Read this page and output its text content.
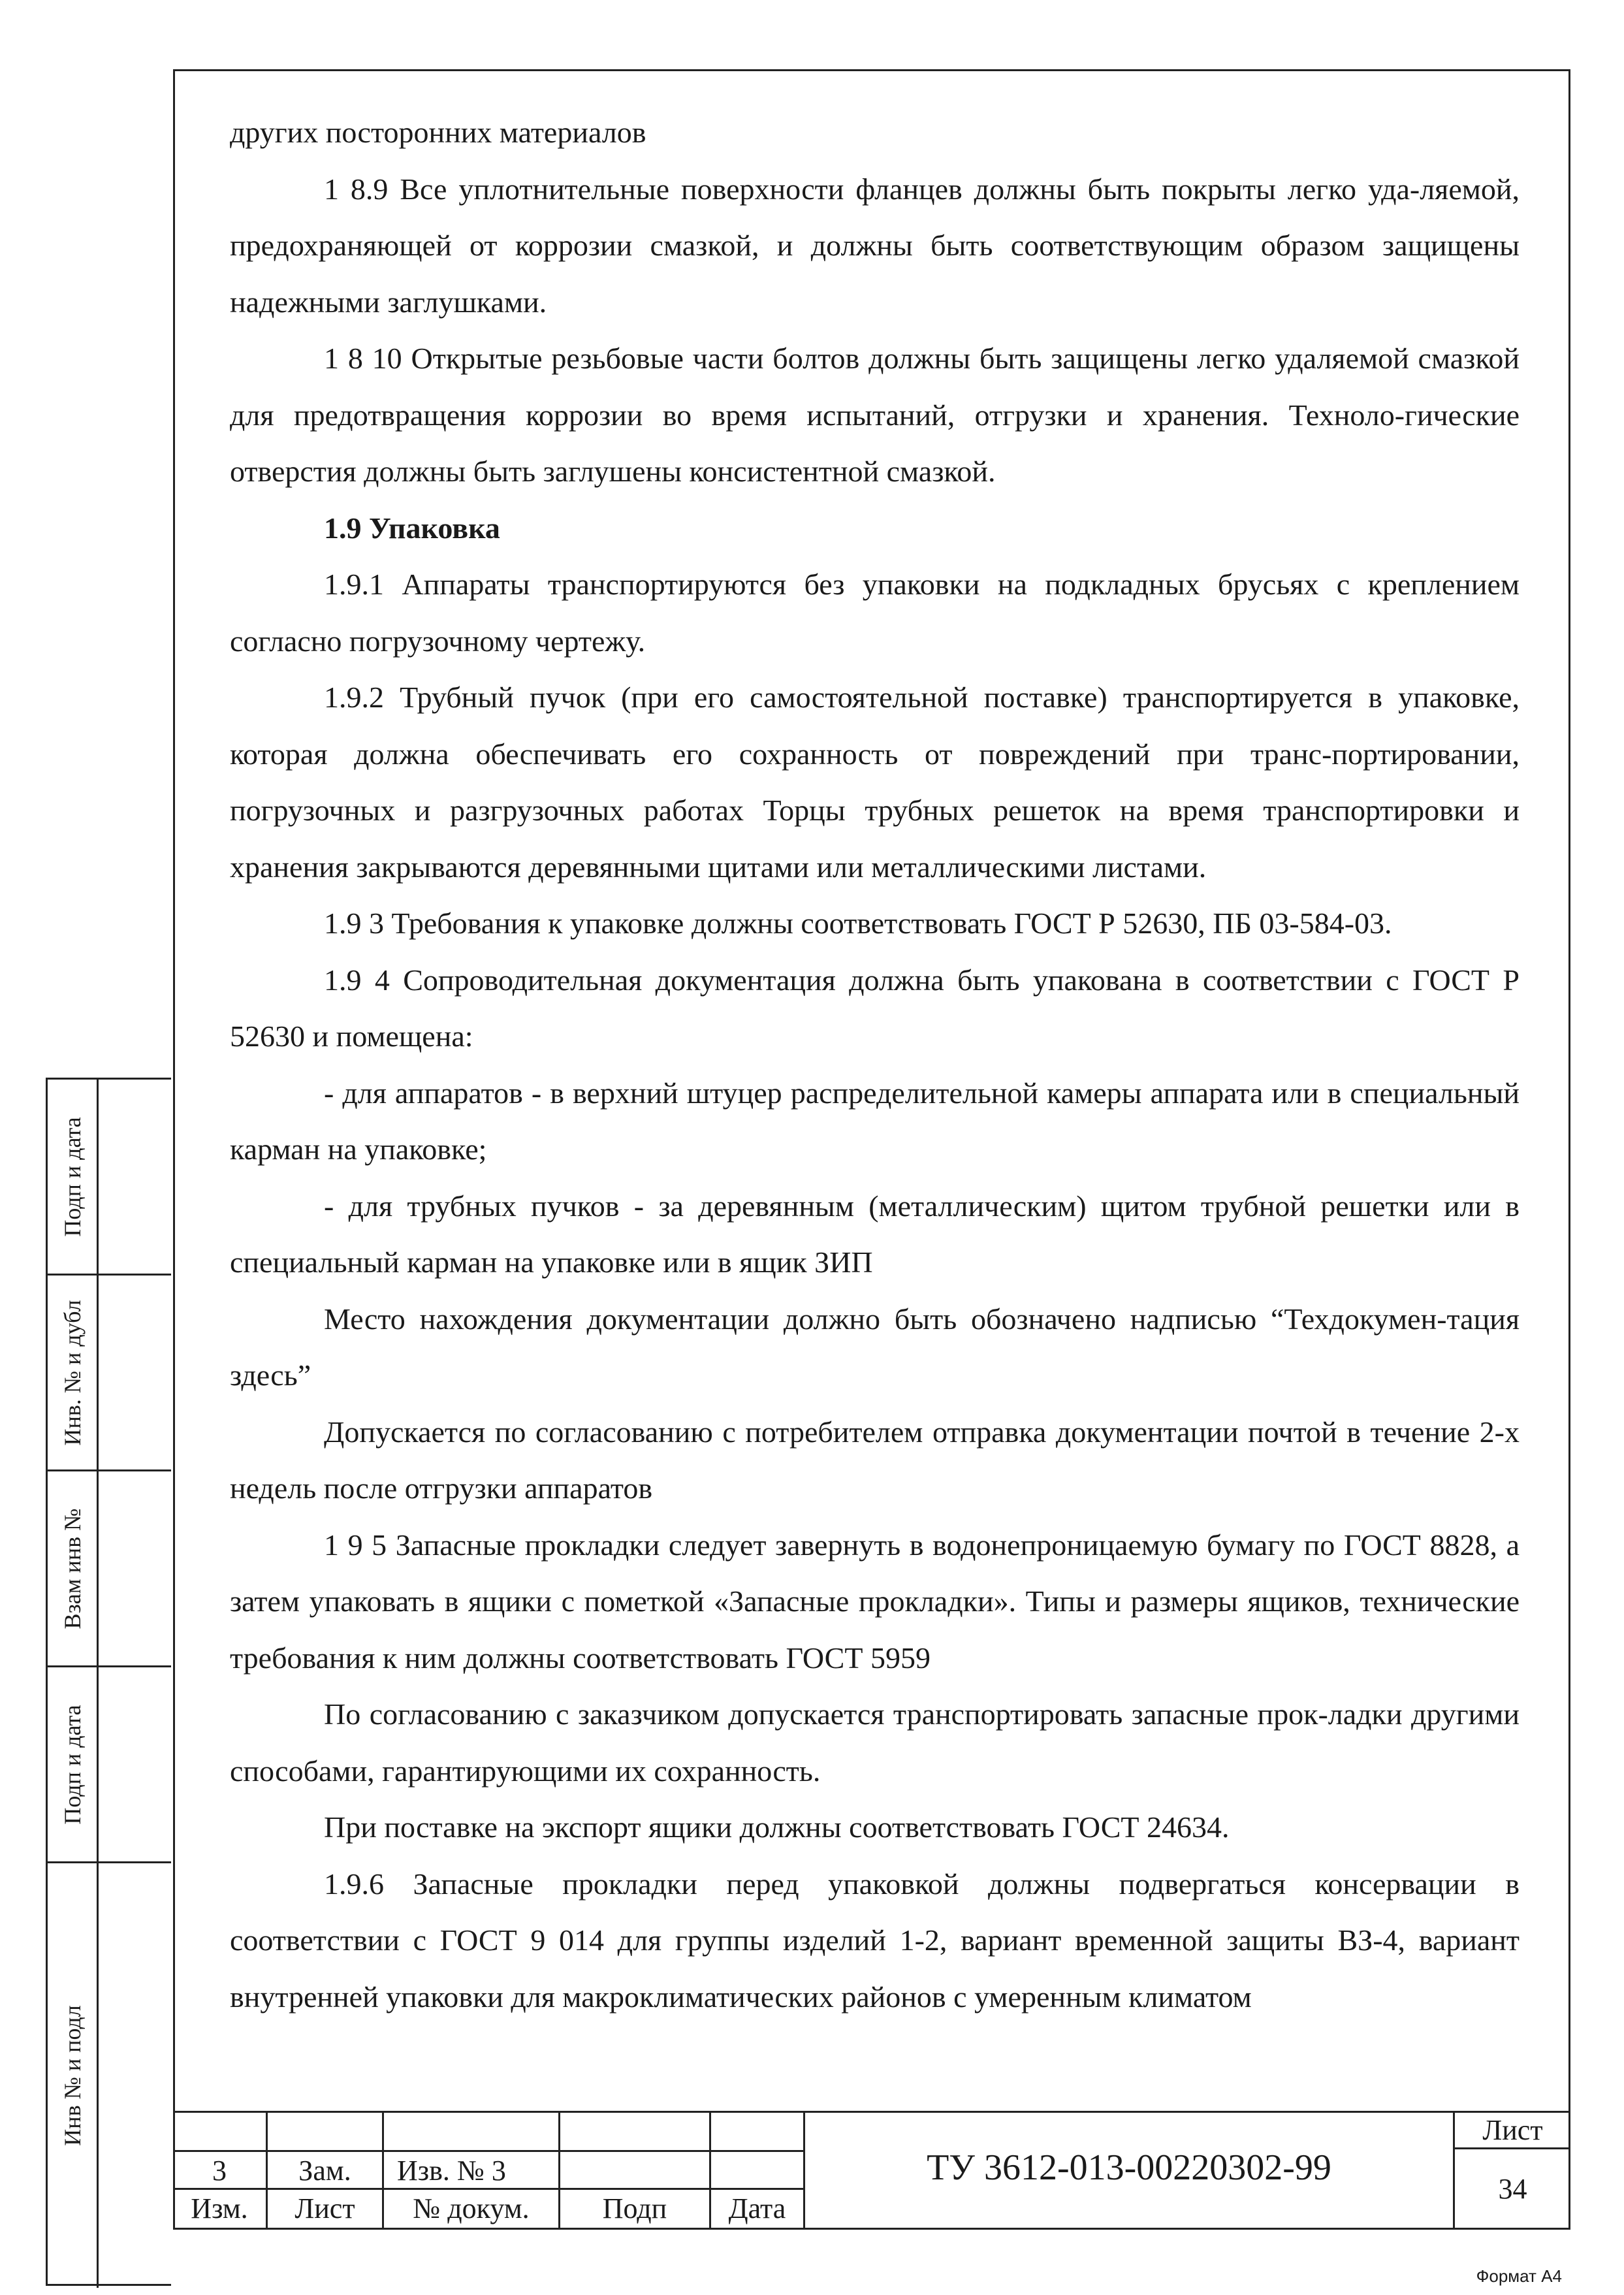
других посторонних материалов

1 8.9 Все уплотнительные поверхности фланцев должны быть покрыты легко уда-ляемой, предохраняющей от коррозии смазкой, и должны быть соответствующим образом защищены надежными заглушками.

1 8 10 Открытые резьбовые части болтов должны быть защищены легко удаляемой смазкой для предотвращения коррозии во время испытаний, отгрузки и хранения. Техноло-гические отверстия должны быть заглушены консистентной смазкой.

1.9 Упаковка

1.9.1 Аппараты транспортируются без упаковки на подкладных брусьях с креплением согласно погрузочному чертежу.

1.9.2 Трубный пучок (при его самостоятельной поставке) транспортируется в упаковке, которая должна обеспечивать его сохранность от повреждений при транс-портировании, погрузочных и разгрузочных работах Торцы трубных решеток на время транспортировки и хранения закрываются деревянными щитами или металлическими листами.

1.9 3 Требования к упаковке должны соответствовать ГОСТ Р 52630, ПБ 03-584-03.

1.9 4 Сопроводительная документация должна быть упакована в соответствии с ГОСТ Р 52630 и помещена:

- для аппаратов - в верхний штуцер распределительной камеры аппарата или в специальный карман на упаковке;

- для трубных пучков - за деревянным (металлическим) щитом трубной решетки или в специальный карман на упаковке или в ящик ЗИП

Место нахождения документации должно быть обозначено надписью “Техдокумен-тация здесь”

Допускается по согласованию с потребителем отправка документации почтой в течение 2-х недель после отгрузки аппаратов

1 9 5 Запасные прокладки следует завернуть в водонепроницаемую бумагу по ГОСТ 8828, а затем упаковать в ящики с пометкой «Запасные прокладки». Типы и размеры ящиков, технические требования к ним должны соответствовать ГОСТ 5959

По согласованию с заказчиком допускается транспортировать запасные прок-ладки другими способами, гарантирующими их сохранность.

При поставке на экспорт ящики должны соответствовать ГОСТ 24634.

1.9.6 Запасные прокладки перед упаковкой должны подвергаться консервации в соответствии с ГОСТ 9 014 для группы изделий 1-2, вариант временной защиты ВЗ-4, вариант внутренней упаковки для макроклиматических районов с умеренным климатом

Подп и дата
Инв. № и дубл
Взам инв №
Подп и дата
Инв № и подл
3	Зам.	Изв. № 3
Изм.	Лист	№ докум.	Подп	Дата
ТУ 3612-013-00220302-99
Лист
34
Формат А4
